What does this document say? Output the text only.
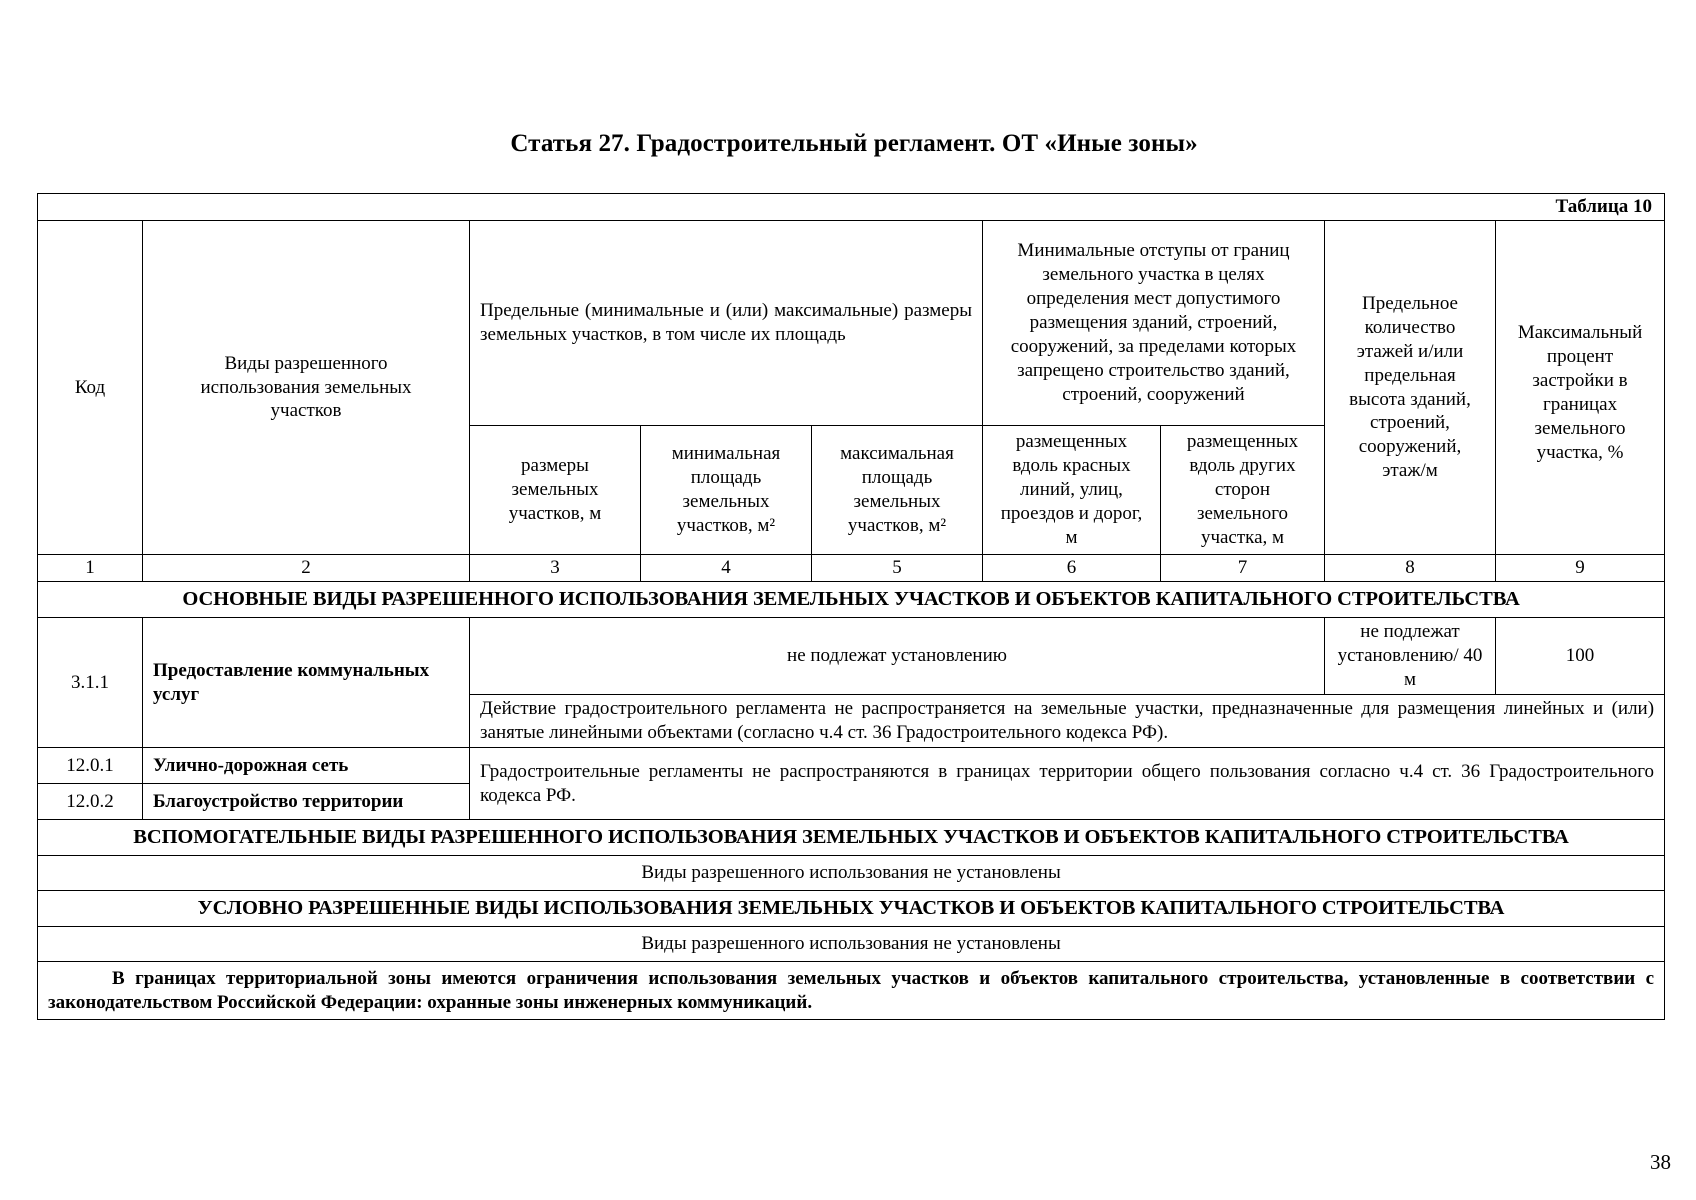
Статья 27. Градостроительный регламент. ОТ «Иные зоны»
Таблица 10								
Код	Виды разрешенного использования земельных участков	Предельные (минимальные и (или) максимальные) размеры земельных участков, в том числе их площадь			Минимальные отступы от границ земельного участка в целях определения мест допустимого размещения зданий, строений, сооружений, за пределами которых запрещено строительство зданий, строений, сооружений		Предельное количество этажей и/или предельная высота зданий, строений, сооружений, этаж/м	Максимальный процент застройки в границах земельного участка, %
		размеры земельных участков, м	минимальная площадь земельных участков, м²	максимальная площадь земельных участков, м²	размещенных вдоль красных линий, улиц, проездов и дорог, м	размещенных вдоль других сторон земельного участка, м		
1	2	3	4	5	6	7	8	9
ОСНОВНЫЕ ВИДЫ РАЗРЕШЕННОГО ИСПОЛЬЗОВАНИЯ ЗЕМЕЛЬНЫХ УЧАСТКОВ И ОБЪЕКТОВ КАПИТАЛЬНОГО СТРОИТЕЛЬСТВА								
3.1.1	Предоставление коммунальных услуг	не подлежат установлению					не подлежат установлению/ 40 м	100
		Действие градостроительного регламента не распространяется на земельные участки, предназначенные для размещения линейных и (или) занятые линейными объектами (согласно ч.4 ст. 36 Градостроительного кодекса РФ).						
12.0.1	Улично-дорожная сеть	Градостроительные регламенты не распространяются в границах территории общего пользования согласно ч.4 ст. 36 Градостроительного кодекса РФ.						
12.0.2	Благоустройство территории							
ВСПОМОГАТЕЛЬНЫЕ ВИДЫ РАЗРЕШЕННОГО ИСПОЛЬЗОВАНИЯ ЗЕМЕЛЬНЫХ УЧАСТКОВ И ОБЪЕКТОВ КАПИТАЛЬНОГО СТРОИТЕЛЬСТВА								
Виды разрешенного использования не установлены								
УСЛОВНО РАЗРЕШЕННЫЕ ВИДЫ ИСПОЛЬЗОВАНИЯ ЗЕМЕЛЬНЫХ УЧАСТКОВ И ОБЪЕКТОВ КАПИТАЛЬНОГО СТРОИТЕЛЬСТВА								
Виды разрешенного использования не установлены								
В границах территориальной зоны имеются ограничения использования земельных участков и объектов капитального строительства, установленные в соответствии с законодательством Российской Федерации: охранные зоны инженерных коммуникаций.								
38
